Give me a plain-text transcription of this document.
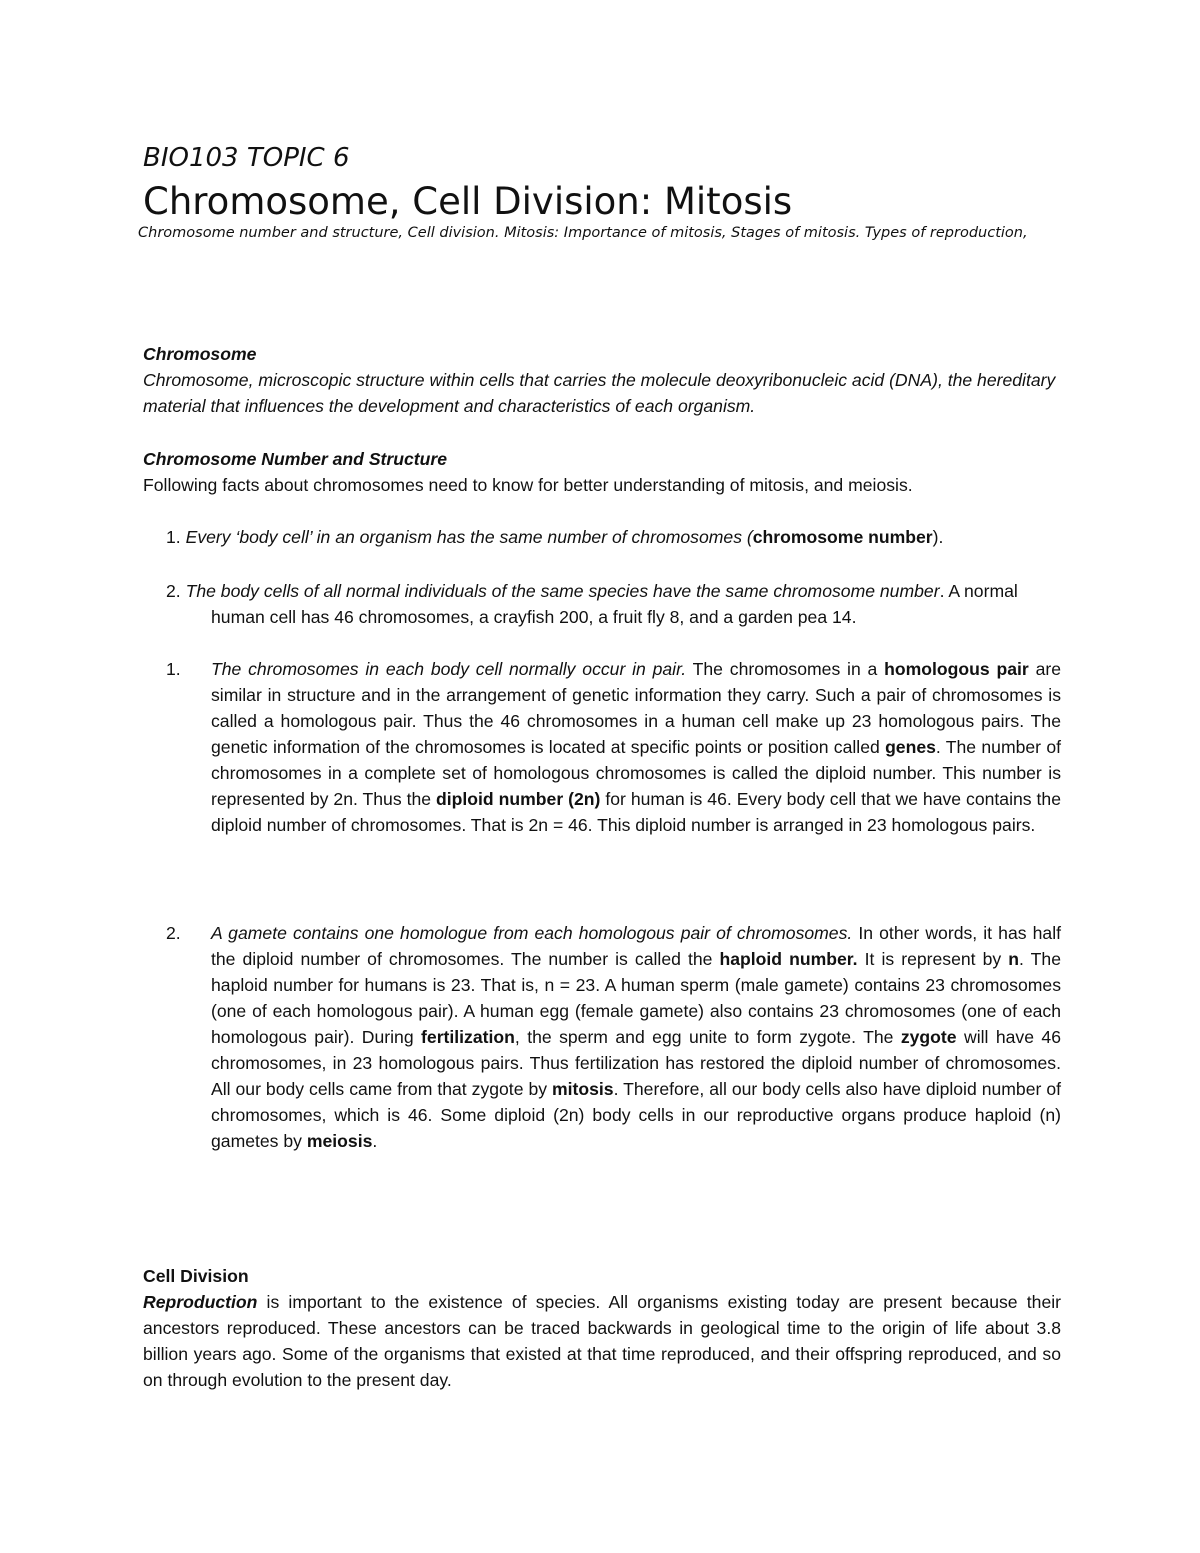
BIO103 TOPIC 6
Chromosome, Cell Division: Mitosis
Chromosome number and structure, Cell division. Mitosis: Importance of mitosis, Stages of mitosis. Types of reproduction,
Chromosome
Chromosome, microscopic structure within cells that carries the molecule deoxyribonucleic acid (DNA), the hereditary material that influences the development and characteristics of each organism.
Chromosome Number and Structure
Following facts about chromosomes need to know for better understanding of mitosis, and meiosis.
1. Every ‘body cell’ in an organism has the same number of chromosomes (chromosome number).
2. The body cells of all normal individuals of the same species have the same chromosome number. A normal human cell has 46 chromosomes, a crayfish 200, a fruit fly 8, and a garden pea 14.
1. The chromosomes in each body cell normally occur in pair. The chromosomes in a homologous pair are similar in structure and in the arrangement of genetic information they carry. Such a pair of chromosomes is called a homologous pair. Thus the 46 chromosomes in a human cell make up 23 homologous pairs. The genetic information of the chromosomes is located at specific points or position called genes. The number of chromosomes in a complete set of homologous chromosomes is called the diploid number. This number is represented by 2n. Thus the diploid number (2n) for human is 46. Every body cell that we have contains the diploid number of chromosomes. That is 2n = 46. This diploid number is arranged in 23 homologous pairs.
2. A gamete contains one homologue from each homologous pair of chromosomes. In other words, it has half the diploid number of chromosomes. The number is called the haploid number. It is represent by n. The haploid number for humans is 23. That is, n = 23. A human sperm (male gamete) contains 23 chromosomes (one of each homologous pair). A human egg (female gamete) also contains 23 chromosomes (one of each homologous pair). During fertilization, the sperm and egg unite to form zygote. The zygote will have 46 chromosomes, in 23 homologous pairs. Thus fertilization has restored the diploid number of chromosomes. All our body cells came from that zygote by mitosis. Therefore, all our body cells also have diploid number of chromosomes, which is 46. Some diploid (2n) body cells in our reproductive organs produce haploid (n) gametes by meiosis.
Cell Division
Reproduction is important to the existence of species. All organisms existing today are present because their ancestors reproduced. These ancestors can be traced backwards in geological time to the origin of life about 3.8 billion years ago. Some of the organisms that existed at that time reproduced, and their offspring reproduced, and so on through evolution to the present day.
